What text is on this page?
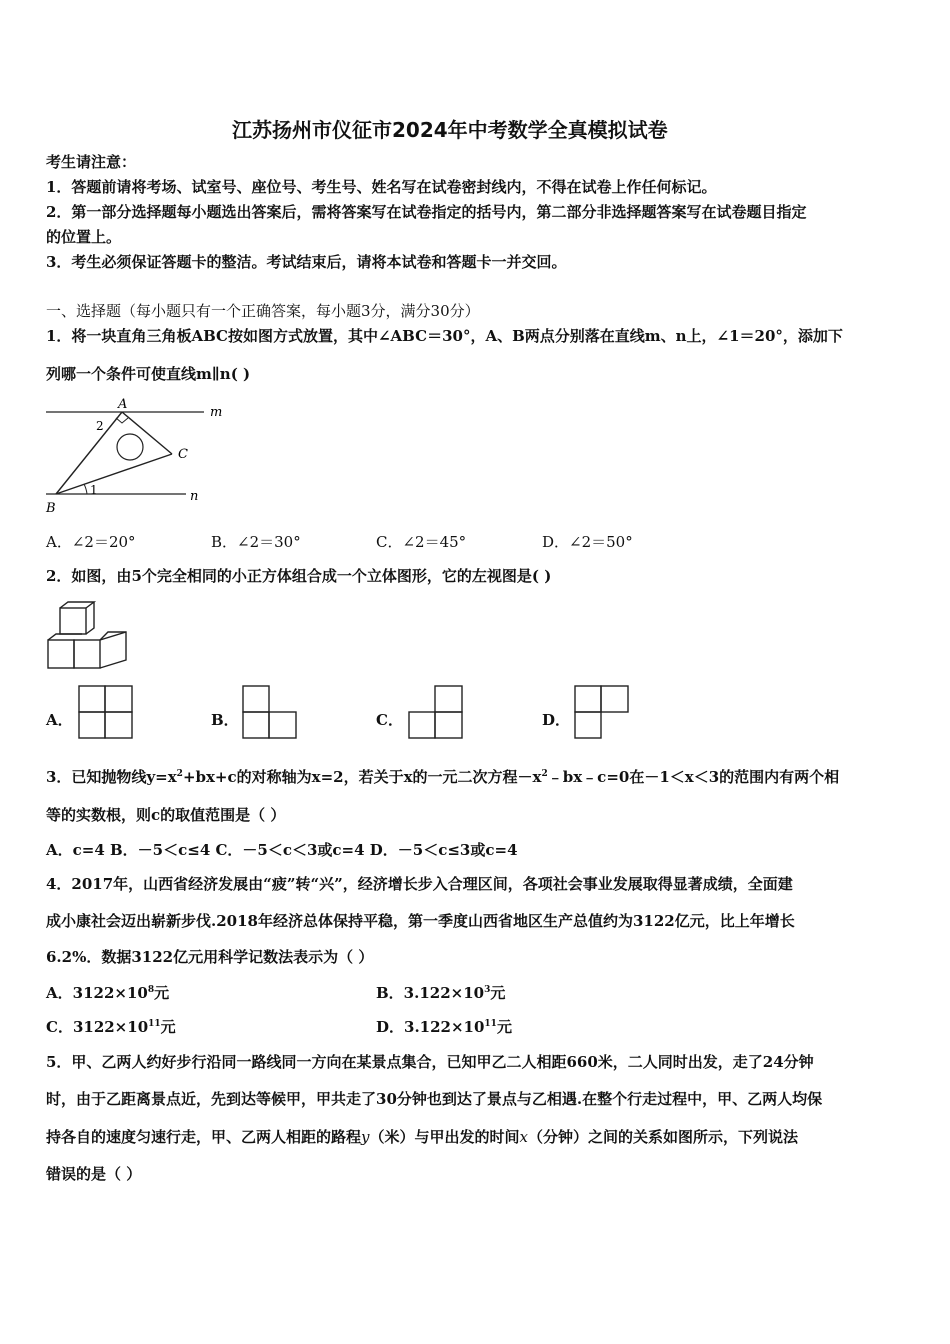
江苏扬州市仪征市2024年中考数学全真模拟试卷
考生请注意：
1．答题前请将考场、试室号、座位号、考生号、姓名写在试卷密封线内，不得在试卷上作任何标记。
2．第一部分选择题每小题选出答案后，需将答案写在试卷指定的括号内，第二部分非选择题答案写在试卷题目指定
的位置上。
3．考生必须保证答题卡的整洁。考试结束后，请将本试卷和答题卡一并交回。
一、选择题（每小题只有一个正确答案，每小题3分，满分30分）
1．将一块直角三角板ABC按如图方式放置，其中∠ABC＝30°，A、B两点分别落在直线m、n上，∠1＝20°，添加下
列哪一个条件可使直线m∥n( )
A
B
C
m
n
2
1
A．∠2＝20°	B．∠2＝30°	C．∠2＝45°	D．∠2＝50°
2．如图，由5个完全相同的小正方体组合成一个立体图形，它的左视图是( )
A．	B．	C．	D．
3．已知抛物线$y=x^2+bx+c$的对称轴为x=2，若关于x的一元二次方程$-x^2﹣bx﹣c=0$在－1＜x＜3的范围内有两个相
等的实数根，则c的取值范围是（ ）
A．c=4 B．－5＜c≤4 C．－5＜c＜3或c=4 D．－5＜c≤3或c=4
4．2017年，山西省经济发展由“疲”转“兴”，经济增长步入合理区间，各项社会事业发展取得显著成绩，全面建
成小康社会迈出崭新步伐.2018年经济总体保持平稳，第一季度山西省地区生产总值约为3122亿元，比上年增长
6.2%．数据3122亿元用科学记数法表示为（ ）
A．$3122\times 10^8$元	B．$3.122\times 10^3$元
C．$3122\times 10^{11}$元	D．$3.122\times 10^{11}$元
5．甲、乙两人约好步行沿同一路线同一方向在某景点集合，已知甲乙二人相距660米，二人同时出发，走了24分钟
时，由于乙距离景点近，先到达等候甲，甲共走了30分钟也到达了景点与乙相遇.在整个行走过程中，甲、乙两人均保
持各自的速度匀速行走，甲、乙两人相距的路程y（米）与甲出发的时间x（分钟）之间的关系如图所示，下列说法
错误的是（ ）
